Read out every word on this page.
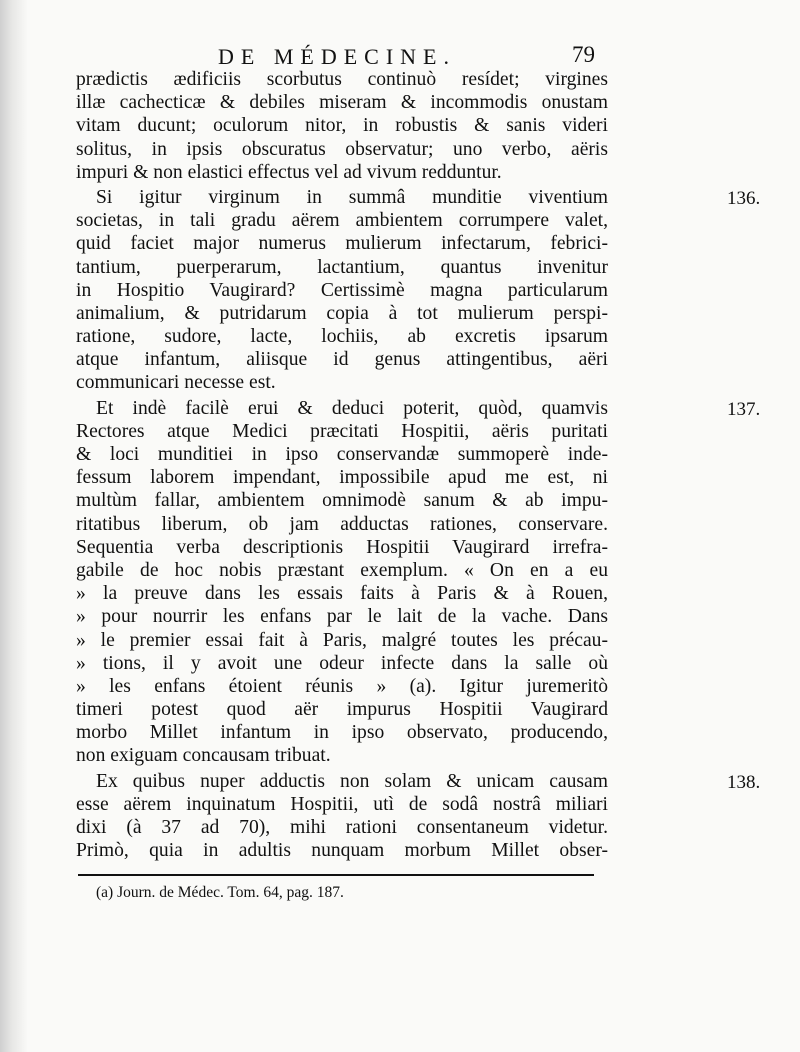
DE MÉDECINE.	79
prædictis ædificiis scorbutus continuò resídet; virgines
illæ cachecticæ & debiles miseram & incommodis onustam
vitam ducunt; oculorum nitor, in robustis & sanis videri
solitus, in ipsis obscuratus observatur; uno verbo, aëris
impuri & non elastici effectus vel ad vivum redduntur.
136.
Si igitur virginum in summâ munditie viventium
societas, in tali gradu aërem ambientem corrumpere valet,
quid faciet major numerus mulierum infectarum, febrici-
tantium, puerperarum, lactantium, quantus invenitur
in Hospitio Vaugirard? Certissimè magna particularum
animalium, & putridarum copia à tot mulierum perspi-
ratione, sudore, lacte, lochiis, ab excretis ipsarum
atque infantum, aliisque id genus attingentibus, aëri
communicari necesse est.
137.
Et indè facilè erui & deduci poterit, quòd, quamvis
Rectores atque Medici præcitati Hospitii, aëris puritati
& loci munditiei in ipso conservandæ summoperè inde-
fessum laborem impendant, impossibile apud me est, ni
multùm fallar, ambientem omnimodè sanum & ab impu-
ritatibus liberum, ob jam adductas rationes, conservare.
Sequentia verba descriptionis Hospitii Vaugirard irrefra-
gabile de hoc nobis præstant exemplum. « On en a eu
» la preuve dans les essais faits à Paris & à Rouen,
» pour nourrir les enfans par le lait de la vache. Dans
» le premier essai fait à Paris, malgré toutes les précau-
» tions, il y avoit une odeur infecte dans la salle où
» les enfans étoient réunis » (a). Igitur juremeritò
timeri potest quod aër impurus Hospitii Vaugirard
morbo Millet infantum in ipso observato, producendo,
non exiguam concausam tribuat.
138.
Ex quibus nuper adductis non solam & unicam causam
esse aërem inquinatum Hospitii, utì de sodâ nostrâ miliari
dixi (à 37 ad 70), mihi rationi consentaneum videtur.
Primò, quia in adultis nunquam morbum Millet obser-
(a) Journ. de Médec. Tom. 64, pag. 187.
